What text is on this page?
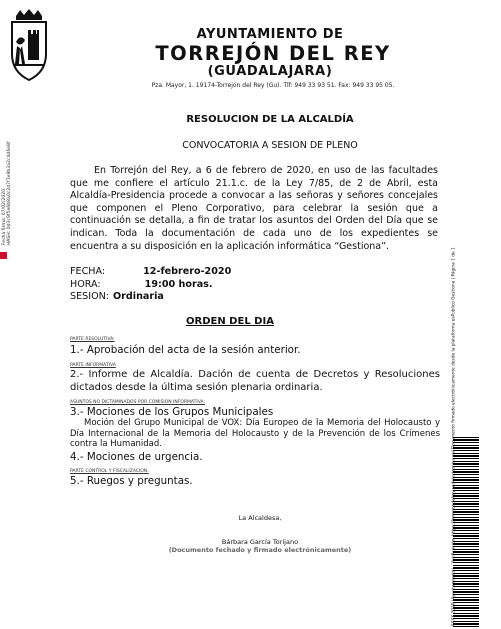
AYUNTAMIENTO DE
TORREJÓN DEL REY
(GUADALAJARA)
Pza. Mayor, 1. 19174-Torrejón del Rey (Gu). Tlf: 949 33 93 51. Fax: 949 33 95 05.
Fecha firma: 07/02/2020 HASH: 0d3c9f5e6b8a0c2d7f1e9b3a2c4d6e8f
RESOLUCION DE LA ALCALDÍA
CONVOCATORIA A SESION DE PLENO

En Torrejón del Rey, a 6 de febrero de 2020, en uso de las facultades que me confiere el artículo 21.1.c. de la Ley 7/85, de 2 de Abril, esta Alcaldía-Presidencia procede a convocar a las señoras y señores concejales que componen el Pleno Corporativo, para celebrar la sesión que a continuación se detalla, a fin de tratar los asuntos del Orden del Día que se indican. Toda la documentación de cada uno de los expedientes se encuentra a su disposición en la aplicación informática “Gestiona”.

FECHA:	12-febrero-2020
HORA:	19:00 horas.
SESION: Ordinaria
ORDEN DEL DIA
PARTE RESOLUTIVA:
1.- Aprobación del acta de la sesión anterior.
PARTE INFORMATIVA
2.- Informe de Alcaldía. Dación de cuenta de Decretos y Resoluciones dictados desde la última sesión plenaria ordinaria.
ASUNTOS NO DICTAMINADOS POR COMISION INFORMATIVA:
3.- Mociones de los Grupos Municipales

Moción del Grupo Municipal de VOX: Día Europeo de la Memoria del Holocausto y Día Internacional de la Memoria del Holocausto y de la Prevención de los Crímenes contra la Humanidad.

4.- Mociones de urgencia.
PARTE CONTROL Y FISCALIZACION:
5.- Ruegos y preguntas.
La Alcaldesa,
Bárbara García Torijano
(Documento fechado y firmado electrónicamente)
